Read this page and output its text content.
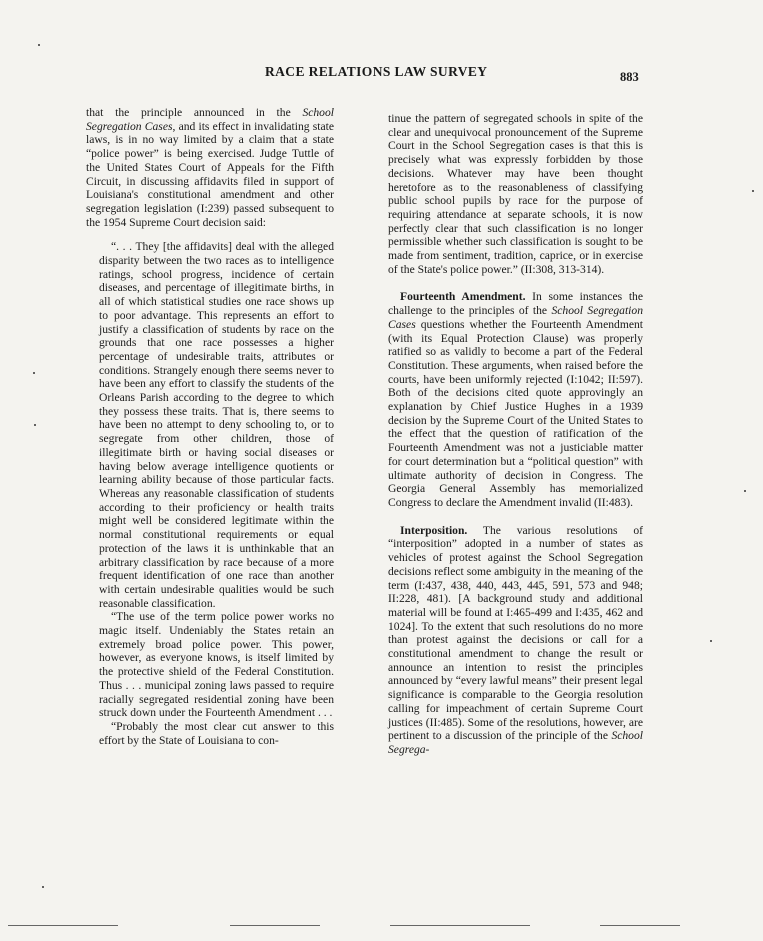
RACE RELATIONS LAW SURVEY	883

that the principle announced in the School Segregation Cases, and its effect in invalidating state laws, is in no way limited by a claim that a state “police power” is being exercised. Judge Tuttle of the United States Court of Appeals for the Fifth Circuit, in discussing affidavits filed in support of Louisiana's constitutional amendment and other segregation legislation (I:239) passed subsequent to the 1954 Supreme Court decision said:

“. . . They [the affidavits] deal with the alleged disparity between the two races as to intelligence ratings, school progress, incidence of certain diseases, and percentage of illegitimate births, in all of which statistical studies one race shows up to poor advantage. This represents an effort to justify a classification of students by race on the grounds that one race possesses a higher percentage of undesirable traits, attributes or conditions. Strangely enough there seems never to have been any effort to classify the students of the Orleans Parish according to the degree to which they possess these traits. That is, there seems to have been no attempt to deny schooling to, or to segregate from other children, those of illegitimate birth or having social diseases or having below average intelligence quotients or learning ability because of those particular facts. Whereas any reasonable classification of students according to their proficiency or health traits might well be considered legitimate within the normal constitutional requirements or equal protection of the laws it is unthinkable that an arbitrary classification by race because of a more frequent identification of one race than another with certain undesirable qualities would be such reasonable classification.

“The use of the term police power works no magic itself. Undeniably the States retain an extremely broad police power. This power, however, as everyone knows, is itself limited by the protective shield of the Federal Constitution. Thus . . . municipal zoning laws passed to require racially segregated residential zoning have been struck down under the Fourteenth Amendment . . .

“Probably the most clear cut answer to this effort by the State of Louisiana to con-

tinue the pattern of segregated schools in spite of the clear and unequivocal pronouncement of the Supreme Court in the School Segregation cases is that this is precisely what was expressly forbidden by those decisions. Whatever may have been thought heretofore as to the reasonableness of classifying public school pupils by race for the purpose of requiring attendance at separate schools, it is now perfectly clear that such classification is no longer permissible whether such classification is sought to be made from sentiment, tradition, caprice, or in exercise of the State's police power.” (II:308, 313-314).

Fourteenth Amendment. In some instances the challenge to the principles of the School Segregation Cases questions whether the Fourteenth Amendment (with its Equal Protection Clause) was properly ratified so as validly to become a part of the Federal Constitution. These arguments, when raised before the courts, have been uniformly rejected (I:1042; II:597). Both of the decisions cited quote approvingly an explanation by Chief Justice Hughes in a 1939 decision by the Supreme Court of the United States to the effect that the question of ratification of the Fourteenth Amendment was not a justiciable matter for court determination but a “political question” with ultimate authority of decision in Congress. The Georgia General Assembly has memorialized Congress to declare the Amendment invalid (II:483).

Interposition. The various resolutions of “interposition” adopted in a number of states as vehicles of protest against the School Segregation decisions reflect some ambiguity in the meaning of the term (I:437, 438, 440, 443, 445, 591, 573 and 948; II:228, 481). [A background study and additional material will be found at I:465-499 and I:435, 462 and 1024]. To the extent that such resolutions do no more than protest against the decisions or call for a constitutional amendment to change the result or announce an intention to resist the principles announced by “every lawful means” their present legal significance is comparable to the Georgia resolution calling for impeachment of certain Supreme Court justices (II:485). Some of the resolutions, however, are pertinent to a discussion of the principle of the School Segrega-
